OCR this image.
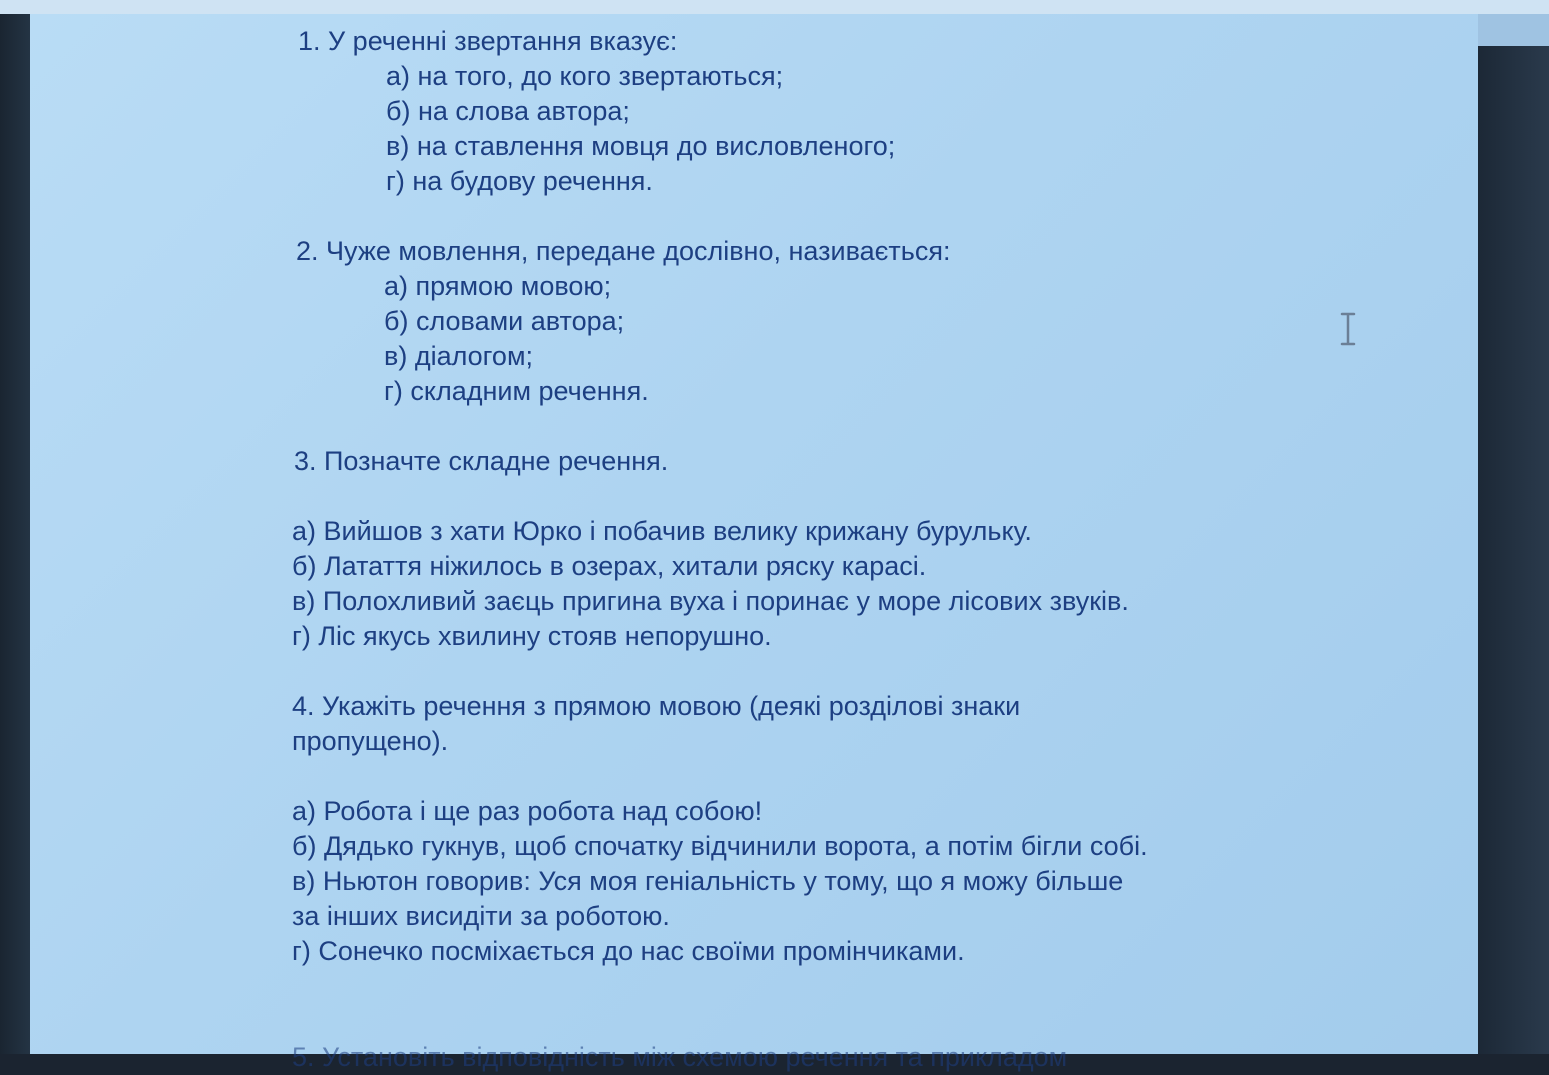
1. У реченні звертання вказує:
а) на того, до кого звертаються;
б) на слова автора;
в) на ставлення мовця до висловленого;
г) на будову речення.
2. Чуже мовлення, передане дослівно, називається:
а) прямою мовою;
б) словами автора;
в) діалогом;
г) складним речення.
3. Позначте складне речення.
а) Вийшов з хати Юрко і побачив велику крижану бурульку.
б) Латаття ніжилось в озерах, хитали ряску карасі.
в) Полохливий заєць пригина вуха і поринає у море лісових звуків.
г) Ліс якусь хвилину стояв непорушно.
4. Укажіть речення з прямою мовою (деякі розділові знаки
пропущено).
а) Робота і ще раз робота над собою!
б) Дядько гукнув, щоб спочатку відчинили ворота, а потім бігли собі.
в) Ньютон говорив: Уся моя геніальність у тому, що я можу більше
за інших висидіти за роботою.
г) Сонечко посміхається до нас своїми промінчиками.
5. Установіть відповідність між схемою речення та прикладом
